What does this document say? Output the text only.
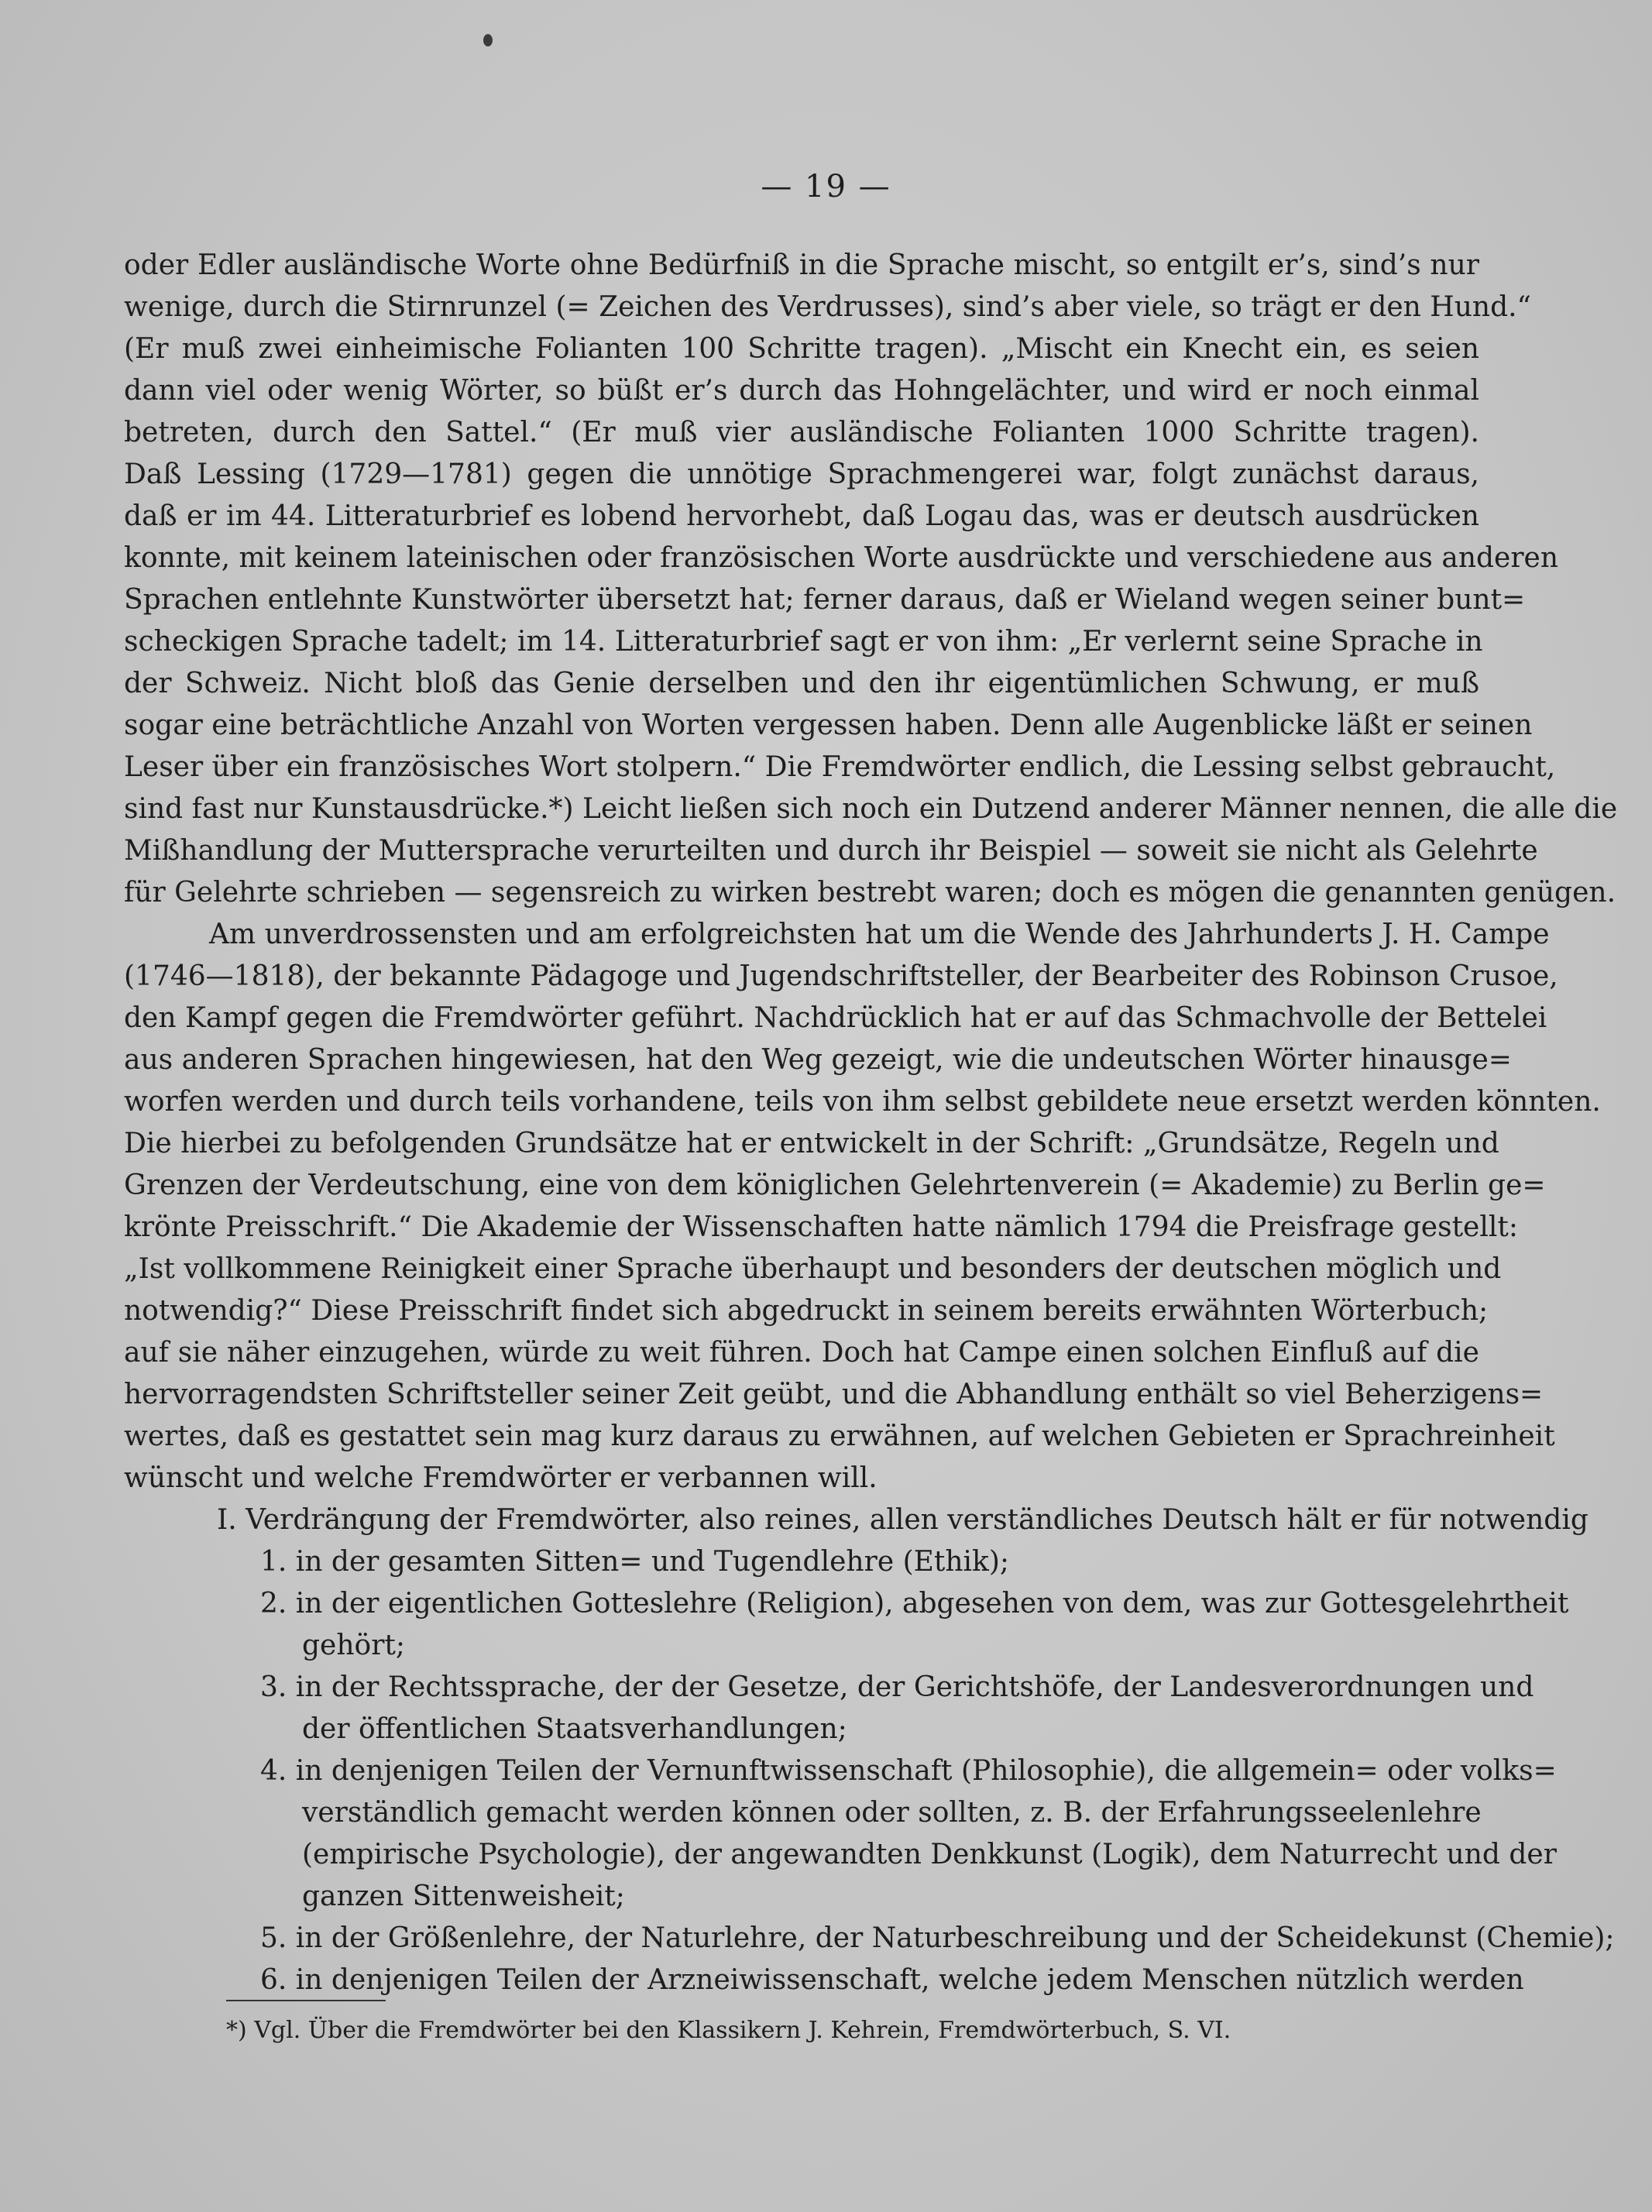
— 19 —
oder Edler ausländische Worte ohne Bedürfniß in die Sprache mischt, so entgilt er’s, sind’s nur
wenige, durch die Stirnrunzel (= Zeichen des Verdrusses), sind’s aber viele, so trägt er den Hund.“
(Er muß zwei einheimische Folianten 100 Schritte tragen). „Mischt ein Knecht ein, es seien
dann viel oder wenig Wörter, so büßt er’s durch das Hohngelächter, und wird er noch einmal
betreten, durch den Sattel.“ (Er muß vier ausländische Folianten 1000 Schritte tragen).
Daß Lessing (1729—1781) gegen die unnötige Sprachmengerei war, folgt zunächst daraus,
daß er im 44. Litteraturbrief es lobend hervorhebt, daß Logau das, was er deutsch ausdrücken
konnte, mit keinem lateinischen oder französischen Worte ausdrückte und verschiedene aus anderen
Sprachen entlehnte Kunstwörter übersetzt hat; ferner daraus, daß er Wieland wegen seiner bunt=
scheckigen Sprache tadelt; im 14. Litteraturbrief sagt er von ihm: „Er verlernt seine Sprache in
der Schweiz. Nicht bloß das Genie derselben und den ihr eigentümlichen Schwung, er muß
sogar eine beträchtliche Anzahl von Worten vergessen haben. Denn alle Augenblicke läßt er seinen
Leser über ein französisches Wort stolpern.“ Die Fremdwörter endlich, die Lessing selbst gebraucht,
sind fast nur Kunstausdrücke.*) Leicht ließen sich noch ein Dutzend anderer Männer nennen, die alle die
Mißhandlung der Muttersprache verurteilten und durch ihr Beispiel — soweit sie nicht als Gelehrte
für Gelehrte schrieben — segensreich zu wirken bestrebt waren; doch es mögen die genannten genügen.
Am unverdrossensten und am erfolgreichsten hat um die Wende des Jahrhunderts J. H. Campe
(1746—1818), der bekannte Pädagoge und Jugendschriftsteller, der Bearbeiter des Robinson Crusoe,
den Kampf gegen die Fremdwörter geführt. Nachdrücklich hat er auf das Schmachvolle der Bettelei
aus anderen Sprachen hingewiesen, hat den Weg gezeigt, wie die undeutschen Wörter hinausge=
worfen werden und durch teils vorhandene, teils von ihm selbst gebildete neue ersetzt werden könnten.
Die hierbei zu befolgenden Grundsätze hat er entwickelt in der Schrift: „Grundsätze, Regeln und
Grenzen der Verdeutschung, eine von dem königlichen Gelehrtenverein (= Akademie) zu Berlin ge=
krönte Preisschrift.“ Die Akademie der Wissenschaften hatte nämlich 1794 die Preisfrage gestellt:
„Ist vollkommene Reinigkeit einer Sprache überhaupt und besonders der deutschen möglich und
notwendig?“ Diese Preisschrift findet sich abgedruckt in seinem bereits erwähnten Wörterbuch;
auf sie näher einzugehen, würde zu weit führen. Doch hat Campe einen solchen Einfluß auf die
hervorragendsten Schriftsteller seiner Zeit geübt, und die Abhandlung enthält so viel Beherzigens=
wertes, daß es gestattet sein mag kurz daraus zu erwähnen, auf welchen Gebieten er Sprachreinheit
wünscht und welche Fremdwörter er verbannen will.
I. Verdrängung der Fremdwörter, also reines, allen verständliches Deutsch hält er für notwendig
1. in der gesamten Sitten= und Tugendlehre (Ethik);
2. in der eigentlichen Gotteslehre (Religion), abgesehen von dem, was zur Gottesgelehrtheit
gehört;
3. in der Rechtssprache, der der Gesetze, der Gerichtshöfe, der Landesverordnungen und
der öffentlichen Staatsverhandlungen;
4. in denjenigen Teilen der Vernunftwissenschaft (Philosophie), die allgemein= oder volks=
verständlich gemacht werden können oder sollten, z. B. der Erfahrungsseelenlehre
(empirische Psychologie), der angewandten Denkkunst (Logik), dem Naturrecht und der
ganzen Sittenweisheit;
5. in der Größenlehre, der Naturlehre, der Naturbeschreibung und der Scheidekunst (Chemie);
6. in denjenigen Teilen der Arzneiwissenschaft, welche jedem Menschen nützlich werden
*) Vgl. Über die Fremdwörter bei den Klassikern J. Kehrein, Fremdwörterbuch, S. VI.
